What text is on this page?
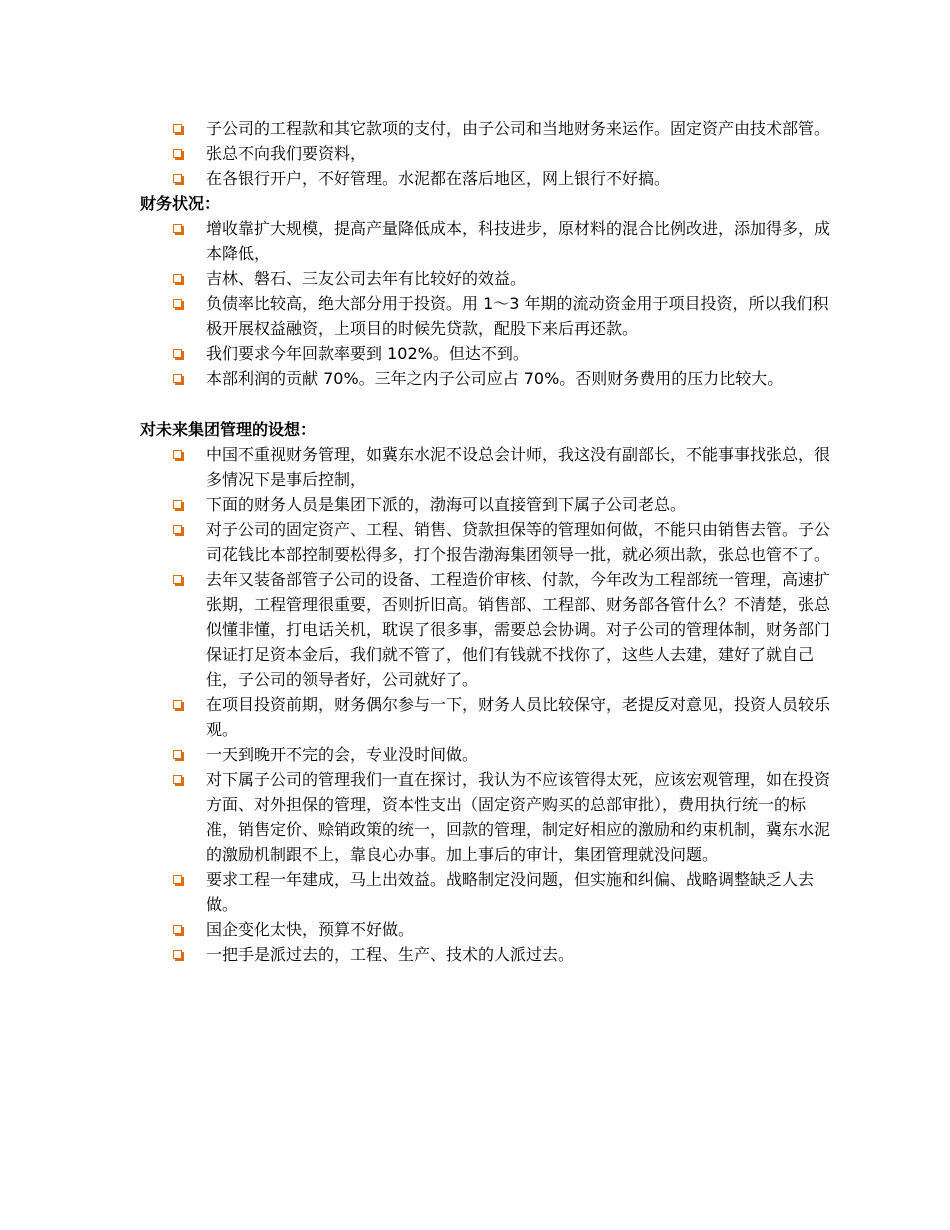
子公司的工程款和其它款项的支付，由子公司和当地财务来运作。固定资产由技术部管。
张总不向我们要资料，
在各银行开户，不好管理。水泥都在落后地区，网上银行不好搞。
财务状况：
增收靠扩大规模，提高产量降低成本，科技进步，原材料的混合比例改进，添加得多，成本降低，
吉林、磐石、三友公司去年有比较好的效益。
负债率比较高，绝大部分用于投资。用 1～3 年期的流动资金用于项目投资，所以我们积极开展权益融资，上项目的时候先贷款，配股下来后再还款。
我们要求今年回款率要到 102%。但达不到。
本部利润的贡献 70%。三年之内子公司应占 70%。否则财务费用的压力比较大。
对未来集团管理的设想：
中国不重视财务管理，如冀东水泥不设总会计师，我这没有副部长，不能事事找张总，很多情况下是事后控制，
下面的财务人员是集团下派的，渤海可以直接管到下属子公司老总。
对子公司的固定资产、工程、销售、贷款担保等的管理如何做，不能只由销售去管。子公司花钱比本部控制要松得多，打个报告渤海集团领导一批，就必须出款，张总也管不了。
去年又装备部管子公司的设备、工程造价审核、付款，今年改为工程部统一管理，高速扩张期，工程管理很重要，否则折旧高。销售部、工程部、财务部各管什么？不清楚，张总似懂非懂，打电话关机，耽误了很多事，需要总会协调。对子公司的管理体制，财务部门保证打足资本金后，我们就不管了，他们有钱就不找你了，这些人去建，建好了就自己住，子公司的领导者好，公司就好了。
在项目投资前期，财务偶尔参与一下，财务人员比较保守，老提反对意见，投资人员较乐观。
一天到晚开不完的会，专业没时间做。
对下属子公司的管理我们一直在探讨，我认为不应该管得太死，应该宏观管理，如在投资方面、对外担保的管理，资本性支出（固定资产购买的总部审批），费用执行统一的标准，销售定价、赊销政策的统一，回款的管理，制定好相应的激励和约束机制，冀东水泥的激励机制跟不上，靠良心办事。加上事后的审计，集团管理就没问题。
要求工程一年建成，马上出效益。战略制定没问题，但实施和纠偏、战略调整缺乏人去做。
国企变化太快，预算不好做。
一把手是派过去的，工程、生产、技术的人派过去。
